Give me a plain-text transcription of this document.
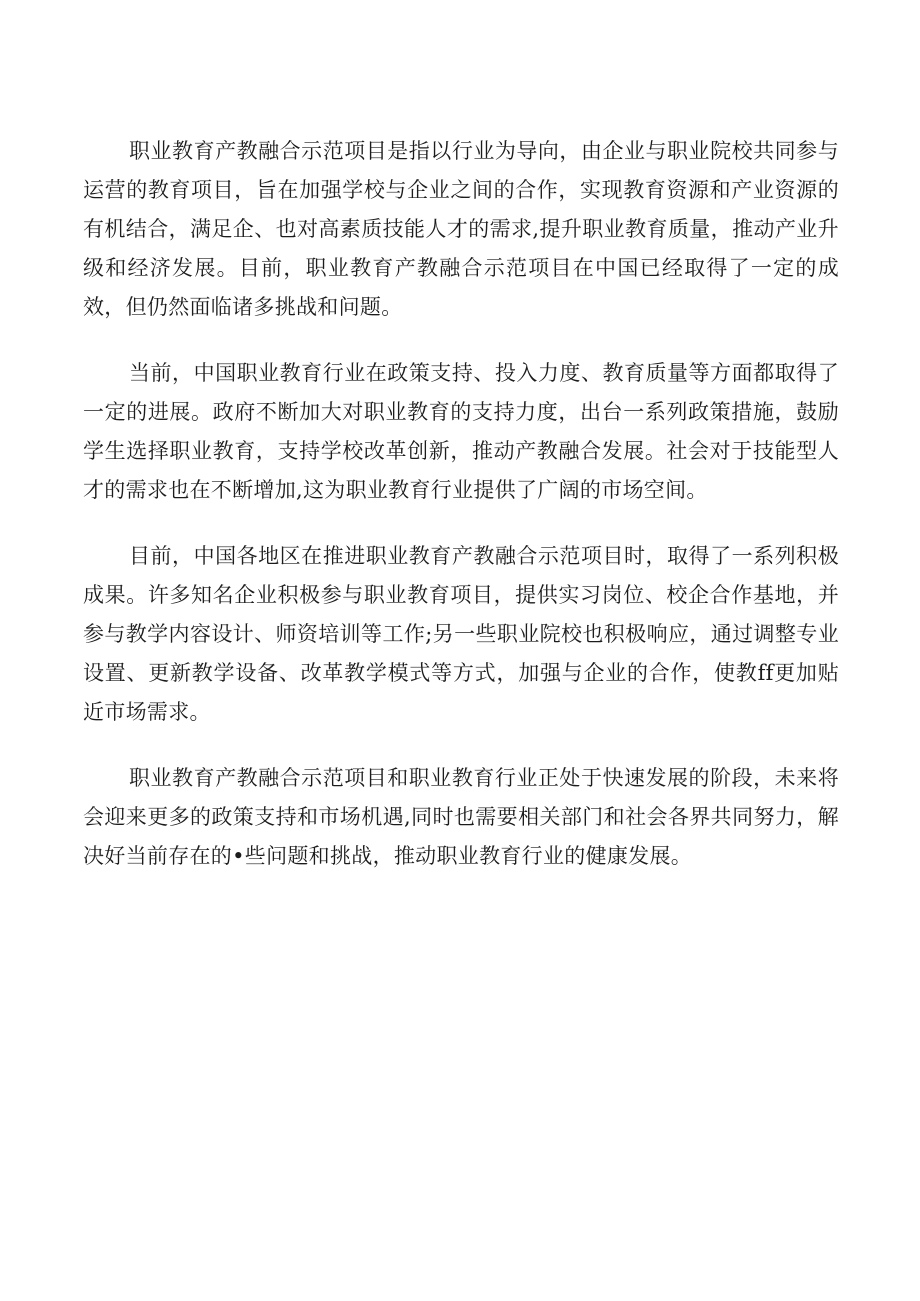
职业教育产教融合示范项目是指以行业为导向，由企业与职业院校共同参与运营的教育项目，旨在加强学校与企业之间的合作，实现教育资源和产业资源的有机结合，满足企、也对高素质技能人才的需求,提升职业教育质量，推动产业升级和经济发展。目前，职业教育产教融合示范项目在中国已经取得了一定的成效，但仍然面临诸多挑战和问题。

当前，中国职业教育行业在政策支持、投入力度、教育质量等方面都取得了一定的进展。政府不断加大对职业教育的支持力度，出台一系列政策措施，鼓励学生选择职业教育，支持学校改革创新，推动产教融合发展。社会对于技能型人才的需求也在不断增加,这为职业教育行业提供了广阔的市场空间。

目前，中国各地区在推进职业教育产教融合示范项目时，取得了一系列积极成果。许多知名企业积极参与职业教育项目，提供实习岗位、校企合作基地，并参与教学内容设计、师资培训等工作;另一些职业院校也积极响应，通过调整专业设置、更新教学设备、改革教学模式等方式，加强与企业的合作，使教ff更加贴近市场需求。

职业教育产教融合示范项目和职业教育行业正处于快速发展的阶段，未来将会迎来更多的政策支持和市场机遇,同时也需要相关部门和社会各界共同努力，解决好当前存在的•些问题和挑战，推动职业教育行业的健康发展。
